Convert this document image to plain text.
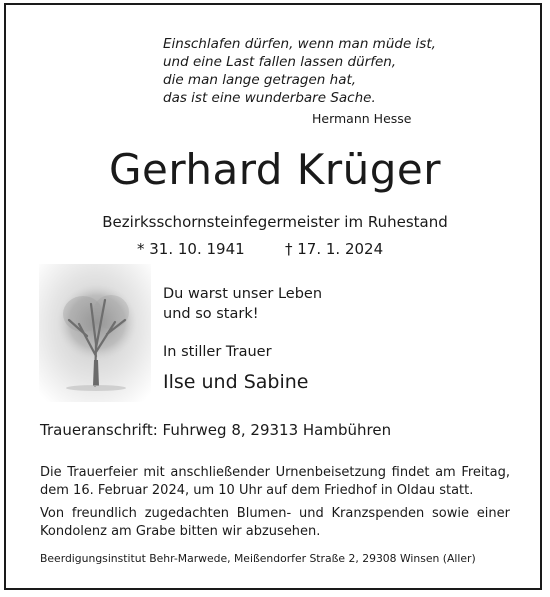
Einschlafen dürfen, wenn man müde ist,
und eine Last fallen lassen dürfen,
die man lange getragen hat,
das ist eine wunderbare Sache.
Hermann Hesse
Gerhard Krüger
Bezirksschornsteinfegermeister im Ruhestand
* 31. 10. 1941	† 17. 1. 2024
Du warst unser Leben
und so stark!
In stiller Trauer
Ilse und Sabine
Traueranschrift: Fuhrweg 8, 29313 Hambühren
Die Trauerfeier mit anschließender Urnenbeisetzung findet am Freitag, dem 16. Februar 2024, um 10 Uhr auf dem Friedhof in Oldau statt.
Von freundlich zugedachten Blumen- und Kranzspenden sowie einer Kondolenz am Grabe bitten wir abzusehen.
Beerdigungsinstitut Behr-Marwede, Meißendorfer Straße 2, 29308 Winsen (Aller)
